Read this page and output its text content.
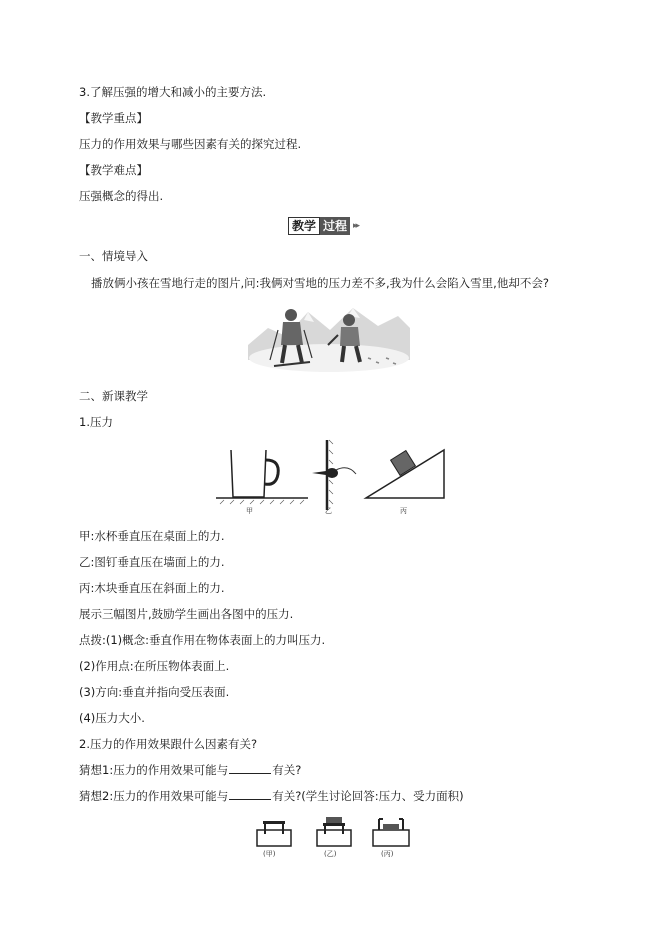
3.了解压强的增大和减小的主要方法.
【教学重点】
压力的作用效果与哪些因素有关的探究过程.
【教学难点】
压强概念的得出.
教学 过程 ▸▸
一、情境导入
播放俩小孩在雪地行走的图片,问:我俩对雪地的压力差不多,我为什么会陷入雪里,他却不会?
二、新课教学
1.压力
甲	乙	丙
甲:水杯垂直压在桌面上的力.
乙:图钉垂直压在墙面上的力.
丙:木块垂直压在斜面上的力.
展示三幅图片,鼓励学生画出各图中的压力.
点拨:(1)概念:垂直作用在物体表面上的力叫压力.
(2)作用点:在所压物体表面上.
(3)方向:垂直并指向受压表面.
(4)压力大小.
2.压力的作用效果跟什么因素有关?
猜想1:压力的作用效果可能与	有关?
猜想2:压力的作用效果可能与	有关?(学生讨论回答:压力、受力面积)
(甲)	(乙)	(丙)
